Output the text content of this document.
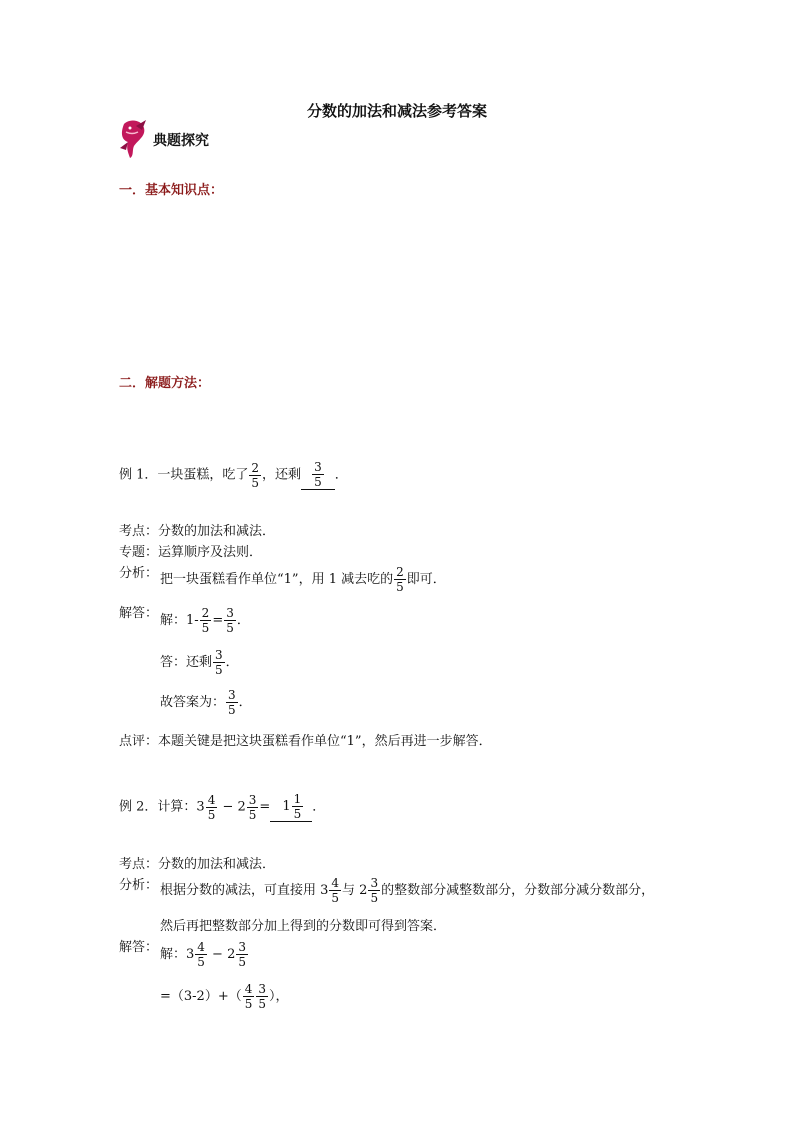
分数的加法和减法参考答案
典题探究
一．基本知识点：
二．解题方法：
例 1．一块蛋糕，吃了 $\frac{2}{5}$ ，还剩 $\frac{3}{5}$ ．
考点：分数的加法和减法．
专题：运算顺序及法则．
分析： 把一块蛋糕看作单位“1”，用 1 减去吃的 $\frac{2}{5}$ 即可．
解答： 解：$1- \frac{2}{5} = \frac{3}{5}$ ．
答：还剩 $\frac{3}{5}$ ．
故答案为： $\frac{3}{5}$ ．
点评：本题关键是把这块蛋糕看作单位“1”，然后再进一步解答．
例 2．计算：$3 \frac{4}{5} - 2 \frac{3}{5} = 1 \frac{1}{5}$ ．
考点：分数的加法和减法．
分析： 根据分数的减法，可直接用 $3 \frac{4}{5}$ 与 $2 \frac{3}{5}$ 的整数部分减整数部分，分数部分减分数部分，
然后再把整数部分加上得到的分数即可得到答案．
解答： 解：$3 \frac{4}{5} - 2 \frac{3}{5}$
$=(3-2)+( \frac{4}{5} \frac{3}{5}$ ），
